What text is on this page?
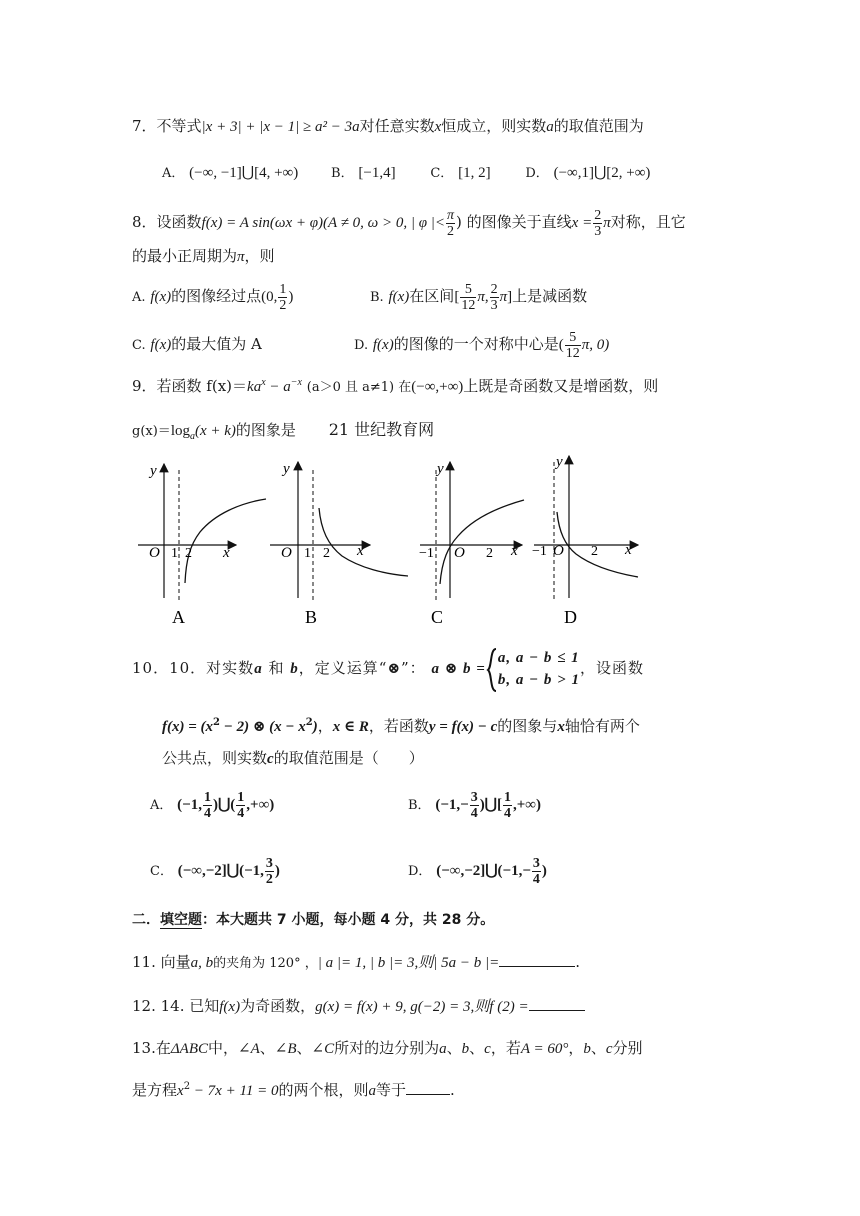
7．不等式|x + 3| + |x − 1| ≥ a² − 3a对任意实数x恒成立，则实数a的取值范围为
A． (−∞, −1]⋃[4, +∞)	B． [−1,4]	C． [1, 2]	D． (−∞,1]⋃[2, +∞)
8．设函数f(x) = A sin(ωx + φ)(A ≠ 0, ω > 0, | φ |< $\frac{\pi}{2}$ ) 的图像关于直线$x = \frac{2}{3}$ π对称，且它
的最小正周期为π，则
A. f(x)的图像经过点(0, $\frac{1}{2}$ )	B. f(x)在区间[ $\frac{5}{12} \pi$, $\frac{2}{3} \pi$]上是减函数
C. f(x)的最大值为 A	D. f(x)的图像的一个对称中心是( $\frac{5}{12} \pi$, 0)
9．若函数 $f(x)=ka^x - a^{-x}$ (a＞0 且 a≠1) 在(−∞,+∞)上既是奇函数又是增函数，则
$g(x)=\log_a(x + k)$的图象是 21 世纪教育网
y
O 1 2 x
A
y
O 1 2 x
B
y
−1 O 2 x
C
y
−1 O 2 x
D
10．10．对实数a 和 b，定义运算“⊗”： a ⊗ b =
a, a − b ≤ 1
b, a − b > 1
，设函数
$f(x) = (x^2 - 2)$ ⊗ $(x - x^2)$，x ∈ R，若函数y = f(x) − c的图象与x轴恰有两个
公共点，则实数c的取值范围是（　　）
A． (−1, $\frac{1}{4}$ )⋃( $\frac{1}{4}$ ,+∞)	B． ($-1,- \frac{3}{4}$ )⋃[ $\frac{1}{4}$ ,+∞)
C． (−∞,−2]⋃(−1, $\frac{3}{2}$ )	D． (−∞,−2]⋃(−1,− $\frac{3}{4}$ )
二．填空题：本大题共 7 小题，每小题 4 分，共 28 分。
11. 向量a, b的夹角为 120° ，| a |= 1, | b |= 3,则| 5a − b |=	.
12. 14. 已知f(x)为奇函数，g(x) = f(x) + 9, g(−2) = 3,则f (2) =
13.在ΔABC中，∠A、∠B、∠C所对的边分别为a、b、c，若A = 60°，b、c分别
是方程$x^2 - 7x + 11 = 0$的两个根，则a等于	.
